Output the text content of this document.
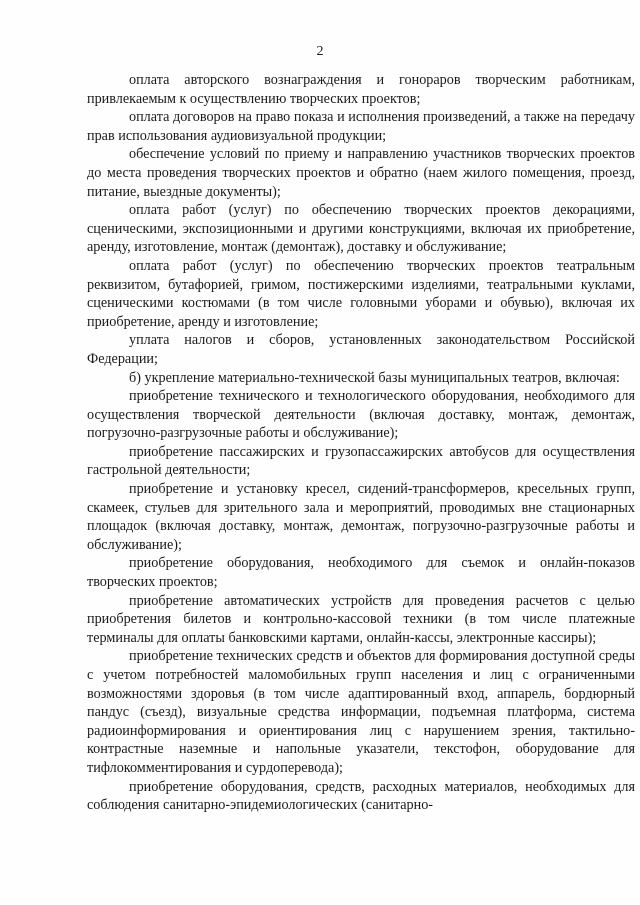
2

оплата авторского вознаграждения и гонораров творческим работникам, привлекаемым к осуществлению творческих проектов;

оплата договоров на право показа и исполнения произведений, а также на передачу прав использования аудиовизуальной продукции;

обеспечение условий по приему и направлению участников творческих проектов до места проведения творческих проектов и обратно (наем жилого помещения, проезд, питание, выездные документы);

оплата работ (услуг) по обеспечению творческих проектов декорациями, сценическими, экспозиционными и другими конструкциями, включая их приобретение, аренду, изготовление, монтаж (демонтаж), доставку и обслуживание;

оплата работ (услуг) по обеспечению творческих проектов театральным реквизитом, бутафорией, гримом, постижерскими изделиями, театральными куклами, сценическими костюмами (в том числе головными уборами и обувью), включая их приобретение, аренду и изготовление;

уплата налогов и сборов, установленных законодательством Российской Федерации;

б) укрепление материально-технической базы муниципальных театров, включая:

приобретение технического и технологического оборудования, необходимого для осуществления творческой деятельности (включая доставку, монтаж, демонтаж, погрузочно-разгрузочные работы и обслуживание);

приобретение пассажирских и грузопассажирских автобусов для осуществления гастрольной деятельности;

приобретение и установку кресел, сидений-трансформеров, кресельных групп, скамеек, стульев для зрительного зала и мероприятий, проводимых вне стационарных площадок (включая доставку, монтаж, демонтаж, погрузочно-разгрузочные работы и обслуживание);

приобретение оборудования, необходимого для съемок и онлайн-показов творческих проектов;

приобретение автоматических устройств для проведения расчетов с целью приобретения билетов и контрольно-кассовой техники (в том числе платежные терминалы для оплаты банковскими картами, онлайн-кассы, электронные кассиры);

приобретение технических средств и объектов для формирования доступной среды с учетом потребностей маломобильных групп населения и лиц с ограниченными возможностями здоровья (в том числе адаптированный вход, аппарель, бордюрный пандус (съезд), визуальные средства информации, подъемная платформа, система радиоинформирования и ориентирования лиц с нарушением зрения, тактильно-контрастные наземные и напольные указатели, текстофон, оборудование для тифлокомментирования и сурдоперевода);

приобретение оборудования, средств, расходных материалов, необходимых для соблюдения санитарно-эпидемиологических (санитарно-
